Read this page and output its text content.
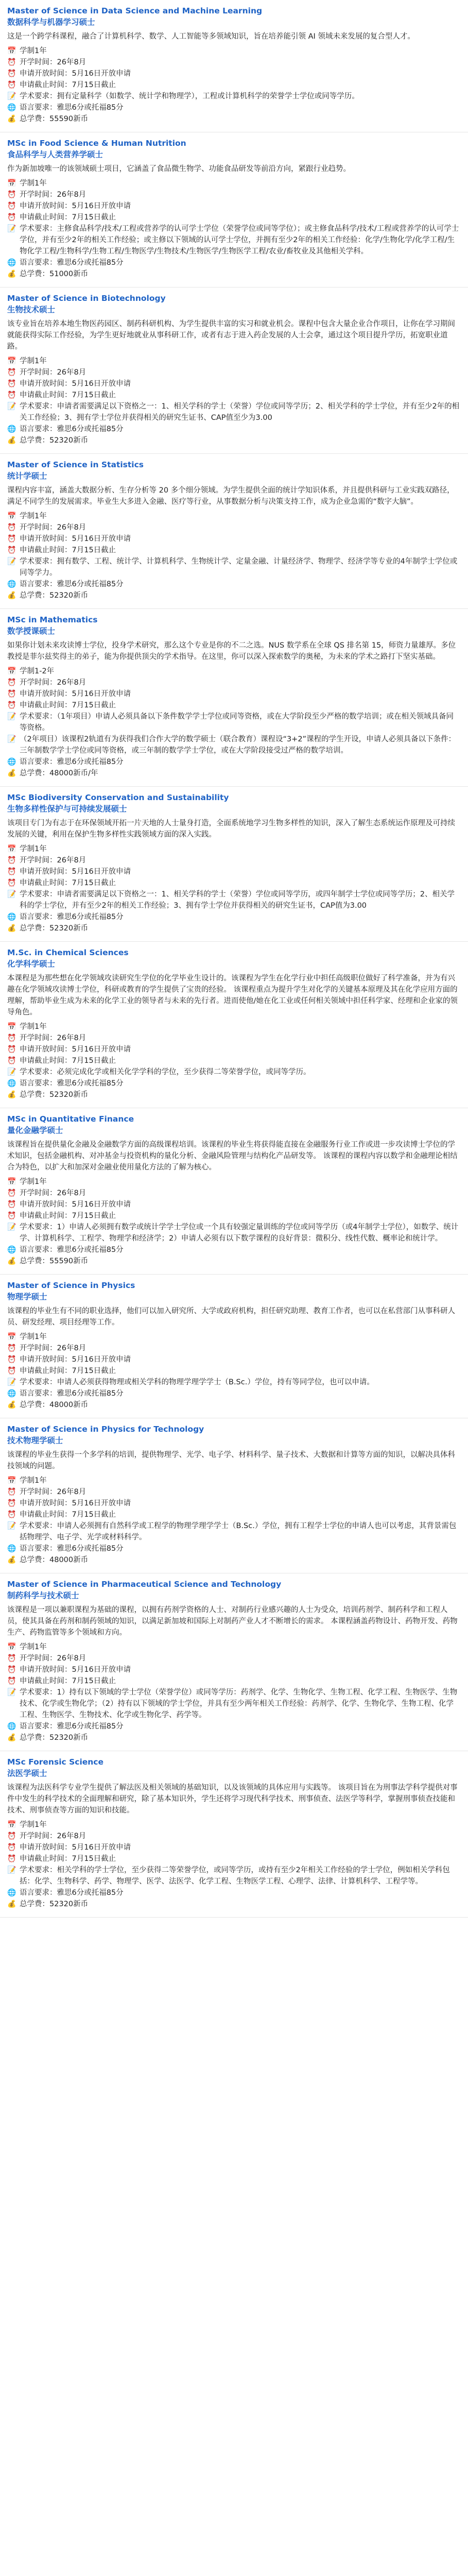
Master of Science in Data Science and Machine Learning
数据科学与机器学习硕士

这是一个跨学科课程，融合了计算机科学、数学、人工智能等多领域知识，旨在培养能引领 AI 领域未来发展的复合型人才。

📅 学制1年
⏰ 开学时间：26年8月
⏰ 申请开放时间：5月16日开放申请
⏰ 申请截止时间：7月15日截止
📝 学术要求：拥有定量科学（如数学、统计学和物理学），工程或计算机科学的荣誉学士学位或同等学历。
🌐 语言要求：雅思6分或托福85分
💰 总学费：55590新币
MSc in Food Science & Human Nutrition
食品科学与人类营养学硕士

作为新加坡唯一的该领域硕士项目，它涵盖了食品微生物学、功能食品研发等前沿方向，紧跟行业趋势。

📅 学制1年
⏰ 开学时间：26年8月
⏰ 申请开放时间：5月16日开放申请
⏰ 申请截止时间：7月15日截止
📝 学术要求：主修食品科学/技术/工程或营养学的认可学士学位（荣誉学位或同等学位）；或主修食品科学/技术/工程或营养学的认可学士学位，并有至少2年的相关工作经验；或主修以下领域的认可学士学位，并拥有至少2年的相关工作经验：化学/生物化学/化学工程/生物化学工程/生物科学/生物工程/生物医学/生物技术/生物医学/生物医学工程/农业/畜牧业及其他相关学科。
🌐 语言要求：雅思6分或托福85分
💰 总学费：51000新币
Master of Science in Biotechnology
生物技术硕士

该专业旨在培养本地生物医药园区、制药科研机构、为学生提供丰富的实习和就业机会。课程中包含大量企业合作项目，让你在学习期间就能获得实际工作经验，为学生更好地就业从事科研工作，或者有志于进入药企发展的人士会拿，通过这个项目提升学历，拓宽职业道路。

📅 学制1年
⏰ 开学时间：26年8月
⏰ 申请开放时间：5月16日开放申请
⏰ 申请截止时间：7月15日截止
📝 学术要求：申请者需要满足以下资格之一：1、相关学科的学士（荣誉）学位或同等学历；2、相关学科的学士学位，并有至少2年的相关工作经验；3、拥有学士学位并获得相关的研究生证书、CAP值至少为3.00
🌐 语言要求：雅思6分或托福85分
💰 总学费：52320新币
Master of Science in Statistics
统计学硕士

课程内容丰富，涵盖大数据分析、生存分析等 20 多个细分领域。为学生提供全面的统计学知识体系，并且提供科研与工业实践双路径，满足不同学生的发展需求。毕业生大多进入金融、医疗等行业，从事数据分析与决策支持工作，成为企业急需的“数字大脑”。

📅 学制1年
⏰ 开学时间：26年8月
⏰ 申请开放时间：5月16日开放申请
⏰ 申请截止时间：7月15日截止
📝 学术要求：拥有数学、工程、统计学、计算机科学、生物统计学、定量金融、计量经济学、物理学、经济学等专业的4年制学士学位或同等学力。
🌐 语言要求：雅思6分或托福85分
💰 总学费：52320新币
MSc in Mathematics
数学授课硕士

如果你计划未来攻读博士学位，投身学术研究，那么这个专业是你的不二之选。NUS 数学系在全球 QS 排名第 15，师资力量雄厚。多位教授是菲尔兹奖得主的弟子，能为你提供顶尖的学术指导。在这里，你可以深入探索数学的奥秘，为未来的学术之路打下坚实基础。

📅 学制1-2年
⏰ 开学时间：26年8月
⏰ 申请开放时间：5月16日开放申请
⏰ 申请截止时间：7月15日截止
📝 学术要求：（1年项目）申请人必须具备以下条件数学学士学位或同等资格，或在大学阶段至少严格的数学培训；或在相关领域具备同等资格。
📝 （2年项目）该课程2轨道有为获得我们合作大学的数学硕士（联合教育）课程设“3+2”课程的学生开设，申请人必须具备以下条件：三年制数学学士学位或同等资格，或三年制的数学学士学位，或在大学阶段接受过严格的数学培训。
🌐 语言要求：雅思6分或托福85分
💰 总学费：48000新币/年
MSc Biodiversity Conservation and Sustainability
生物多样性保护与可持续发展硕士

该项目专门为有志于在环保领域开拓一片天地的人士量身打造，全面系统地学习生物多样性的知识，深入了解生态系统运作原理及可持续发展的关键，利用在保护生物多样性实践领域方面的深入实践。

📅 学制1年
⏰ 开学时间：26年8月
⏰ 申请开放时间：5月16日开放申请
⏰ 申请截止时间：7月15日截止
📝 学术要求：申请者需要满足以下资格之一：1、相关学科的学士（荣誉）学位或同等学历，或四年制学士学位或同等学历；2、相关学科的学士学位，并有至少2年的相关工作经验；3、拥有学士学位并获得相关的研究生证书，CAP值为3.00
🌐 语言要求：雅思6分或托福85分
💰 总学费：52320新币
M.Sc. in Chemical Sciences
化学科学硕士

本课程是为那些想在化学领域攻读研究生学位的化学毕业生设计的。该课程为学生在化学行业中担任高级职位做好了科学准备，并为有兴趣在化学领域攻读博士学位，科研或教育的学生提供了宝贵的经验。 该课程重点为提升学生对化学的关键基本原理及其在化学应用方面的理解，帮助毕业生成为未来的化学工业的领导者与未来的先行者。进而使他/她在化工业或任何相关领域中担任科学家、经理和企业家的领导角色。

📅 学制1年
⏰ 开学时间：26年8月
⏰ 申请开放时间：5月16日开放申请
⏰ 申请截止时间：7月15日截止
📝 学术要求：必须完成化学或相关化学学科的学位，至少获得二等荣誉学位，或同等学历。
🌐 语言要求：雅思6分或托福85分
💰 总学费：52320新币
MSc in Quantitative Finance
量化金融学硕士

该课程旨在提供量化金融及金融数学方面的高级课程培训。该课程的毕业生将获得能直接在金融服务行业工作或进一步攻读博士学位的学术知识，包括金融机构、对冲基金与投资机构的量化分析、金融风险管理与结构化产品研发等。 该课程的课程内容以数学和金融理论相结合为特色，以扩大和加深对金融业使用量化方法的了解为核心。

📅 学制1年
⏰ 开学时间：26年8月
⏰ 申请开放时间：5月16日开放申请
⏰ 申请截止时间：7月15日截止
📝 学术要求：1）申请人必须拥有数学或统计学学士学位或一个具有较强定量训练的学位或同等学历（或4年制学士学位），如数学、统计学、计算机科学、工程学、物理学和经济学；2）申请人必须有以下数学课程的良好背景：微积分、线性代数、概率论和统计学。
🌐 语言要求：雅思6分或托福85分
💰 总学费：55590新币
Master of Science in Physics
物理学硕士

该课程的毕业生有不同的职业选择，他们可以加入研究所、大学或政府机构，担任研究助理、教育工作者，也可以在私营部门从事科研人员、研发经理、项目经理等工作。

📅 学制1年
⏰ 开学时间：26年8月
⏰ 申请开放时间：5月16日开放申请
⏰ 申请截止时间：7月15日截止
📝 学术要求：申请人必须获得物理或相关学科的物理学理学学士（B.Sc.）学位，持有等同学位，也可以申请。
🌐 语言要求：雅思6分或托福85分
💰 总学费：48000新币
Master of Science in Physics for Technology
技术物理学硕士

该课程的毕业生获得一个多学科的培训，提供物理学、光学、电子学、材料科学、量子技术、大数据和计算等方面的知识，以解决具体科技领域的问题。

📅 学制1年
⏰ 开学时间：26年8月
⏰ 申请开放时间：5月16日开放申请
⏰ 申请截止时间：7月15日截止
📝 学术要求：申请人必须拥有自然科学或工程学的物理学理学学士（B.Sc.）学位，拥有工程学士学位的申请人也可以考虑，其背景需包括物理学、电子学、光学或材料科学。
🌐 语言要求：雅思6分或托福85分
💰 总学费：48000新币
Master of Science in Pharmaceutical Science and Technology
制药科学与技术硕士

该课程是一项以兼职课程为基础的课程，以拥有药剂学资格的人士、对制药行业感兴趣的人士为受众，培训药剂学、制药科学和工程人员，使其具备在药剂和制药领域的知识，以满足新加坡和国际上对制药产业人才不断增长的需求。 本课程涵盖药物设计、药物开发、药物生产、药物监管等多个领域和方向。

📅 学制1年
⏰ 开学时间：26年8月
⏰ 申请开放时间：5月16日开放申请
⏰ 申请截止时间：7月15日截止
📝 学术要求：1）持有以下领域的学士学位（荣誉学位）或同等学历：药剂学、化学、生物化学、生物工程、化学工程、生物医学、生物技术、化学或生物化学；（2）持有以下领域的学士学位，并具有至少两年相关工作经验：药剂学、化学、生物化学、生物工程、化学工程、生物医学、生物技术、化学或生物化学、药学等。
🌐 语言要求：雅思6分或托福85分
💰 总学费：52320新币
MSc Forensic Science
法医学硕士

该课程为法医科学专业学生提供了解法医及相关领域的基础知识，以及该领域的具体应用与实践等。 该项目旨在为刑事法学科学提供对事件中发生的科学技术的全面理解和研究，除了基本知识外，学生还将学习现代科学技术、刑事侦查、法医学等科学，掌握刑事侦查技能和技术、刑事侦查等方面的知识和技能。

📅 学制1年
⏰ 开学时间：26年8月
⏰ 申请开放时间：5月16日开放申请
⏰ 申请截止时间：7月15日截止
📝 学术要求：相关学科的学士学位，至少获得二等荣誉学位，或同等学历，或持有至少2年相关工作经验的学士学位，例如相关学科包括：化学、生物科学、药学、物理学、医学、法医学、化学工程、生物医学工程、心理学、法律、计算机科学、工程学等。
🌐 语言要求：雅思6分或托福85分
💰 总学费：52320新币
